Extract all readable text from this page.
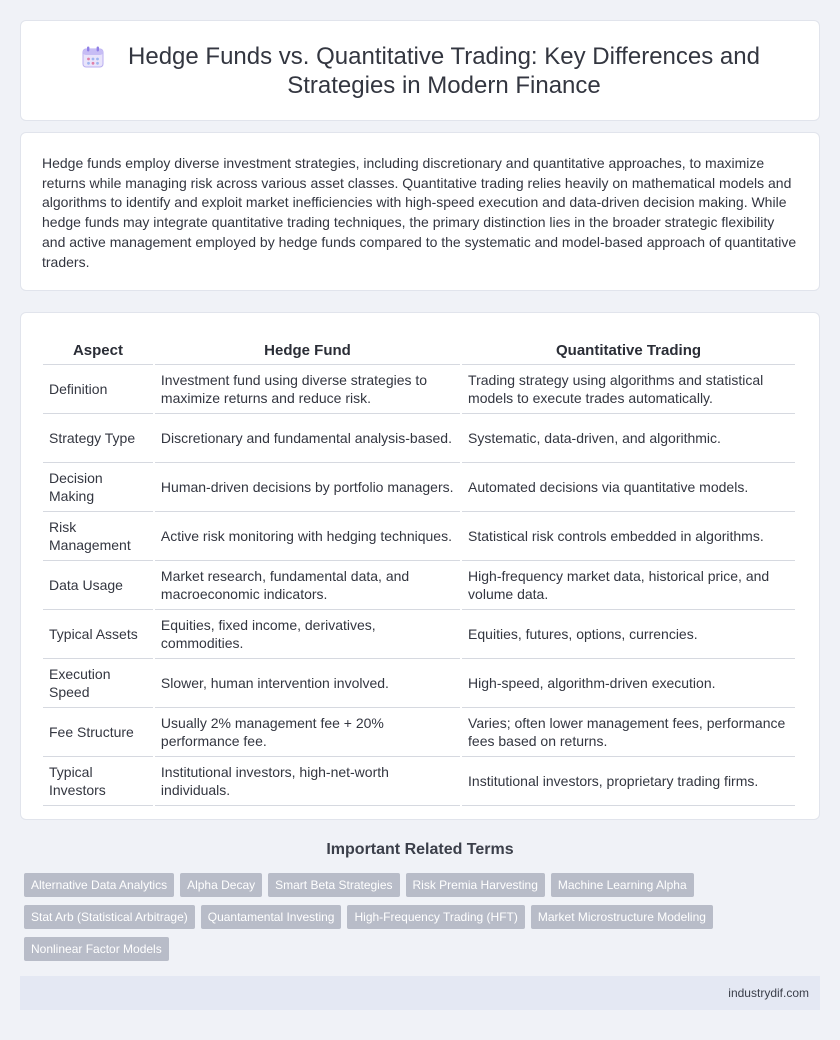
Hedge Funds vs. Quantitative Trading: Key Differences and
Strategies in Modern Finance

Hedge funds employ diverse investment strategies, including discretionary and quantitative approaches, to maximize returns while managing risk across various asset classes. Quantitative trading relies heavily on mathematical models and algorithms to identify and exploit market inefficiencies with high-speed execution and data-driven decision making. While hedge funds may integrate quantitative trading techniques, the primary distinction lies in the broader strategic flexibility and active management employed by hedge funds compared to the systematic and model-based approach of quantitative traders.

Aspect	Hedge Fund	Quantitative Trading
Definition	Investment fund using diverse strategies to maximize returns and reduce risk.	Trading strategy using algorithms and statistical models to execute trades automatically.
Strategy Type	Discretionary and fundamental analysis-based.	Systematic, data-driven, and algorithmic.
Decision Making	Human-driven decisions by portfolio managers.	Automated decisions via quantitative models.
Risk Management	Active risk monitoring with hedging techniques.	Statistical risk controls embedded in algorithms.
Data Usage	Market research, fundamental data, and macroeconomic indicators.	High-frequency market data, historical price, and volume data.
Typical Assets	Equities, fixed income, derivatives, commodities.	Equities, futures, options, currencies.
Execution Speed	Slower, human intervention involved.	High-speed, algorithm-driven execution.
Fee Structure	Usually 2% management fee + 20% performance fee.	Varies; often lower management fees, performance fees based on returns.
Typical Investors	Institutional investors, high-net-worth individuals.	Institutional investors, proprietary trading firms.
Important Related Terms
Alternative Data Analytics Alpha Decay Smart Beta Strategies Risk Premia Harvesting Machine Learning Alpha
Stat Arb (Statistical Arbitrage) Quantamental Investing High-Frequency Trading (HFT) Market Microstructure Modeling
Nonlinear Factor Models
industrydif.com
